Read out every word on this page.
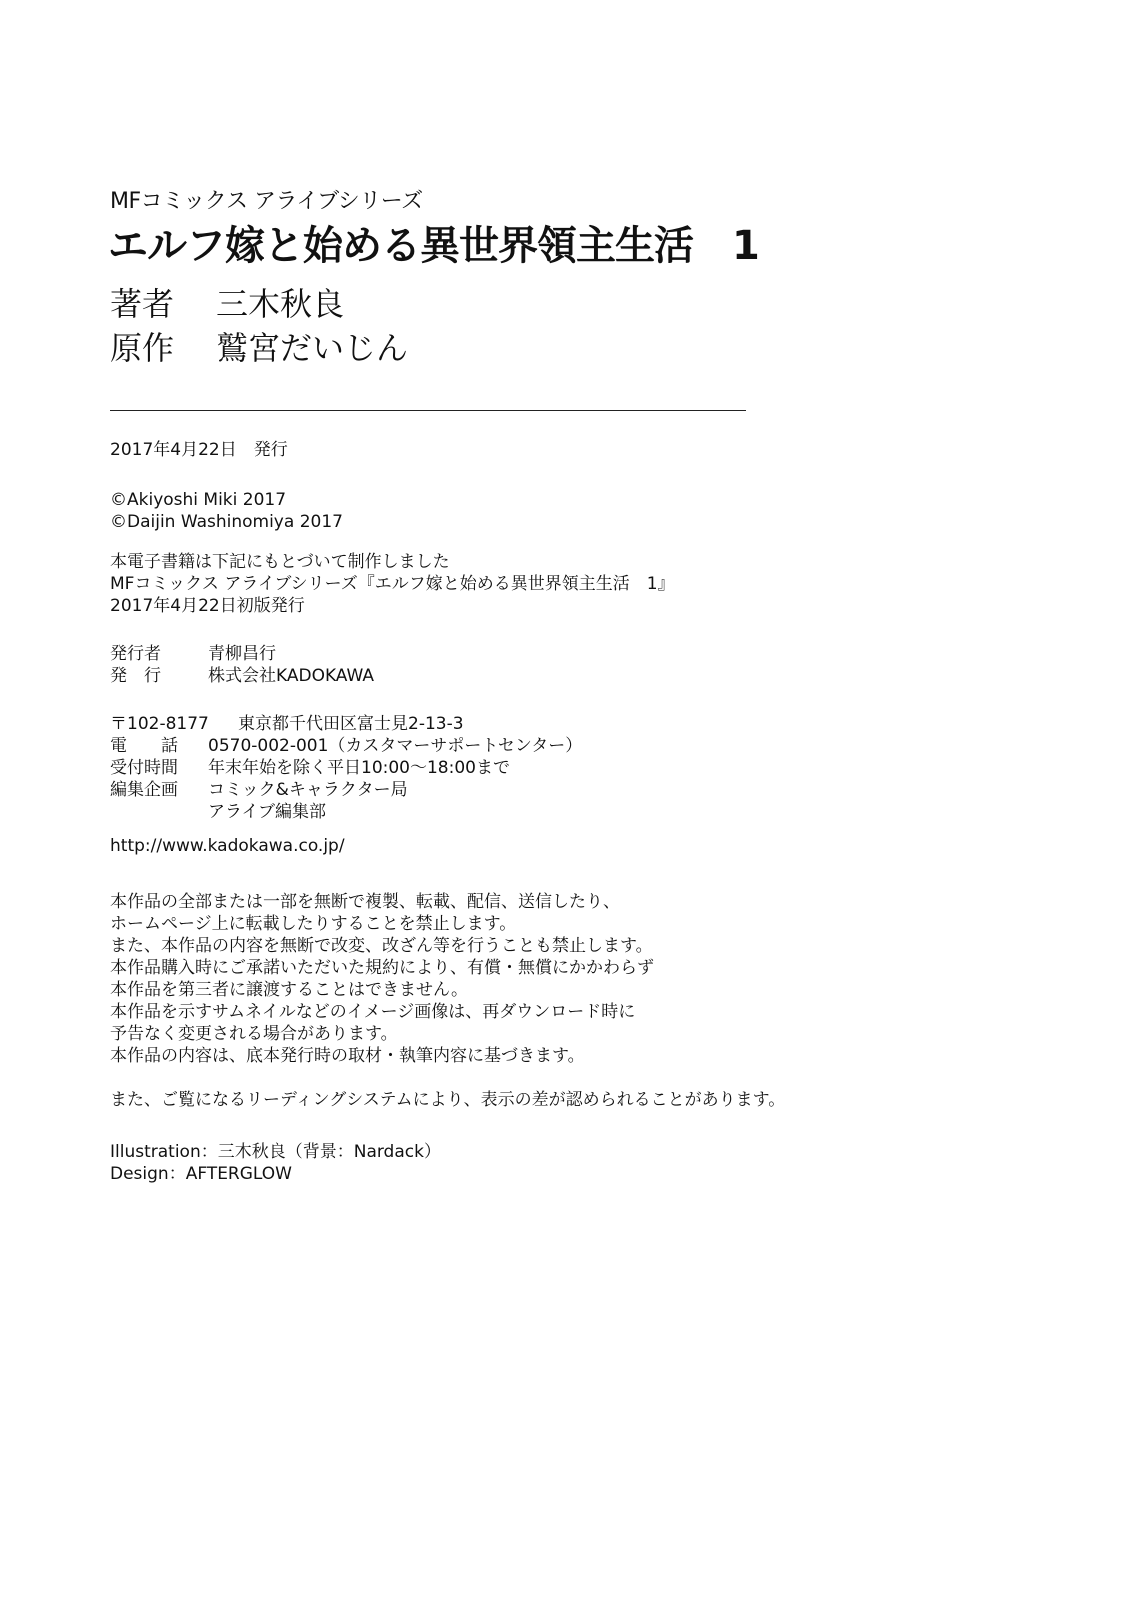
MFコミックス アライブシリーズ

エルフ嫁と始める異世界領主生活　1
著者	三木秋良
原作	鷲宮だいじん
2017年4月22日　発行
©Akiyoshi Miki 2017
©Daijin Washinomiya 2017
本電子書籍は下記にもとづいて制作しました
MFコミックス アライブシリーズ『エルフ嫁と始める異世界領主生活　1』
2017年4月22日初版発行
発行者	青柳昌行
発　行	株式会社KADOKAWA
〒102-8177	東京都千代田区富士見2-13-3
電　　話	0570-002-001（カスタマーサポートセンター）
受付時間	年末年始を除く平日10:00～18:00まで
編集企画	コミック&キャラクター局
アライブ編集部
http://www.kadokawa.co.jp/
本作品の全部または一部を無断で複製、転載、配信、送信したり、
ホームページ上に転載したりすることを禁止します。
また、本作品の内容を無断で改変、改ざん等を行うことも禁止します。
本作品購入時にご承諾いただいた規約により、有償・無償にかかわらず
本作品を第三者に譲渡することはできません。
本作品を示すサムネイルなどのイメージ画像は、再ダウンロード時に
予告なく変更される場合があります。
本作品の内容は、底本発行時の取材・執筆内容に基づきます。
また、ご覧になるリーディングシステムにより、表示の差が認められることがあります。
Illustration：三木秋良（背景：Nardack）
Design：AFTERGLOW
